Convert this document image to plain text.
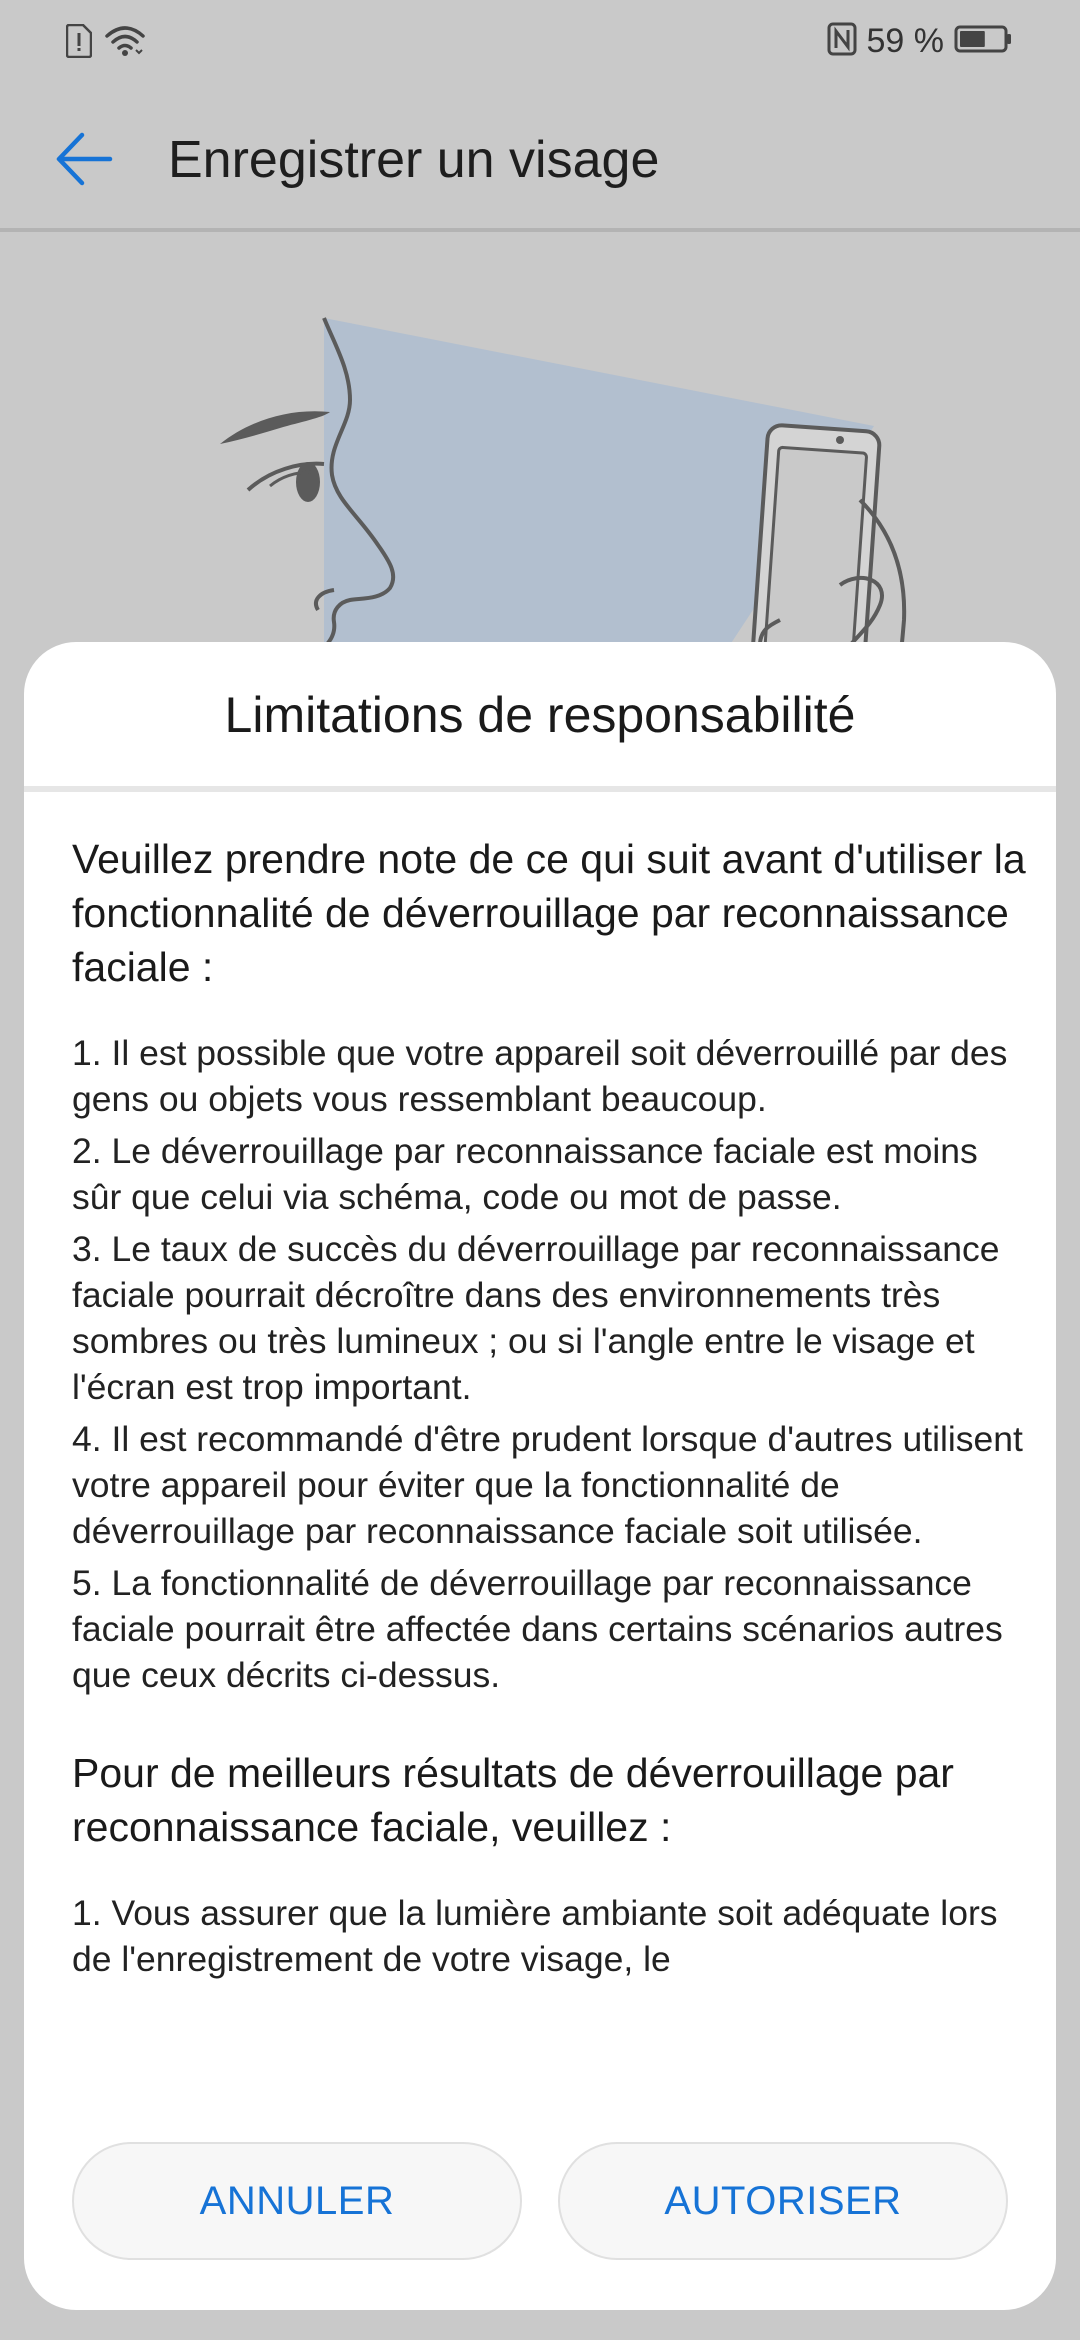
59 %
Enregistrer un visage
Limitations de responsabilité
Veuillez prendre note de ce qui suit avant d'utiliser la fonctionnalité de déverrouillage par reconnaissance faciale :
1. Il est possible que votre appareil soit déverrouillé par des gens ou objets vous ressemblant beaucoup.
2. Le déverrouillage par reconnaissance faciale est moins sûr que celui via schéma, code ou mot de passe.
3. Le taux de succès du déverrouillage par reconnaissance faciale pourrait décroître dans des environnements très sombres ou très lumineux ; ou si l'angle entre le visage et l'écran est trop important.
4. Il est recommandé d'être prudent lorsque d'autres utilisent votre appareil pour éviter que la fonctionnalité de déverrouillage par reconnaissance faciale soit utilisée.
5. La fonctionnalité de déverrouillage par reconnaissance faciale pourrait être affectée dans certains scénarios autres que ceux décrits ci-dessus.
Pour de meilleurs résultats de déverrouillage par reconnaissance faciale, veuillez :
1. Vous assurer que la lumière ambiante soit adéquate lors de l'enregistrement de votre visage, le
ANNULER	AUTORISER
